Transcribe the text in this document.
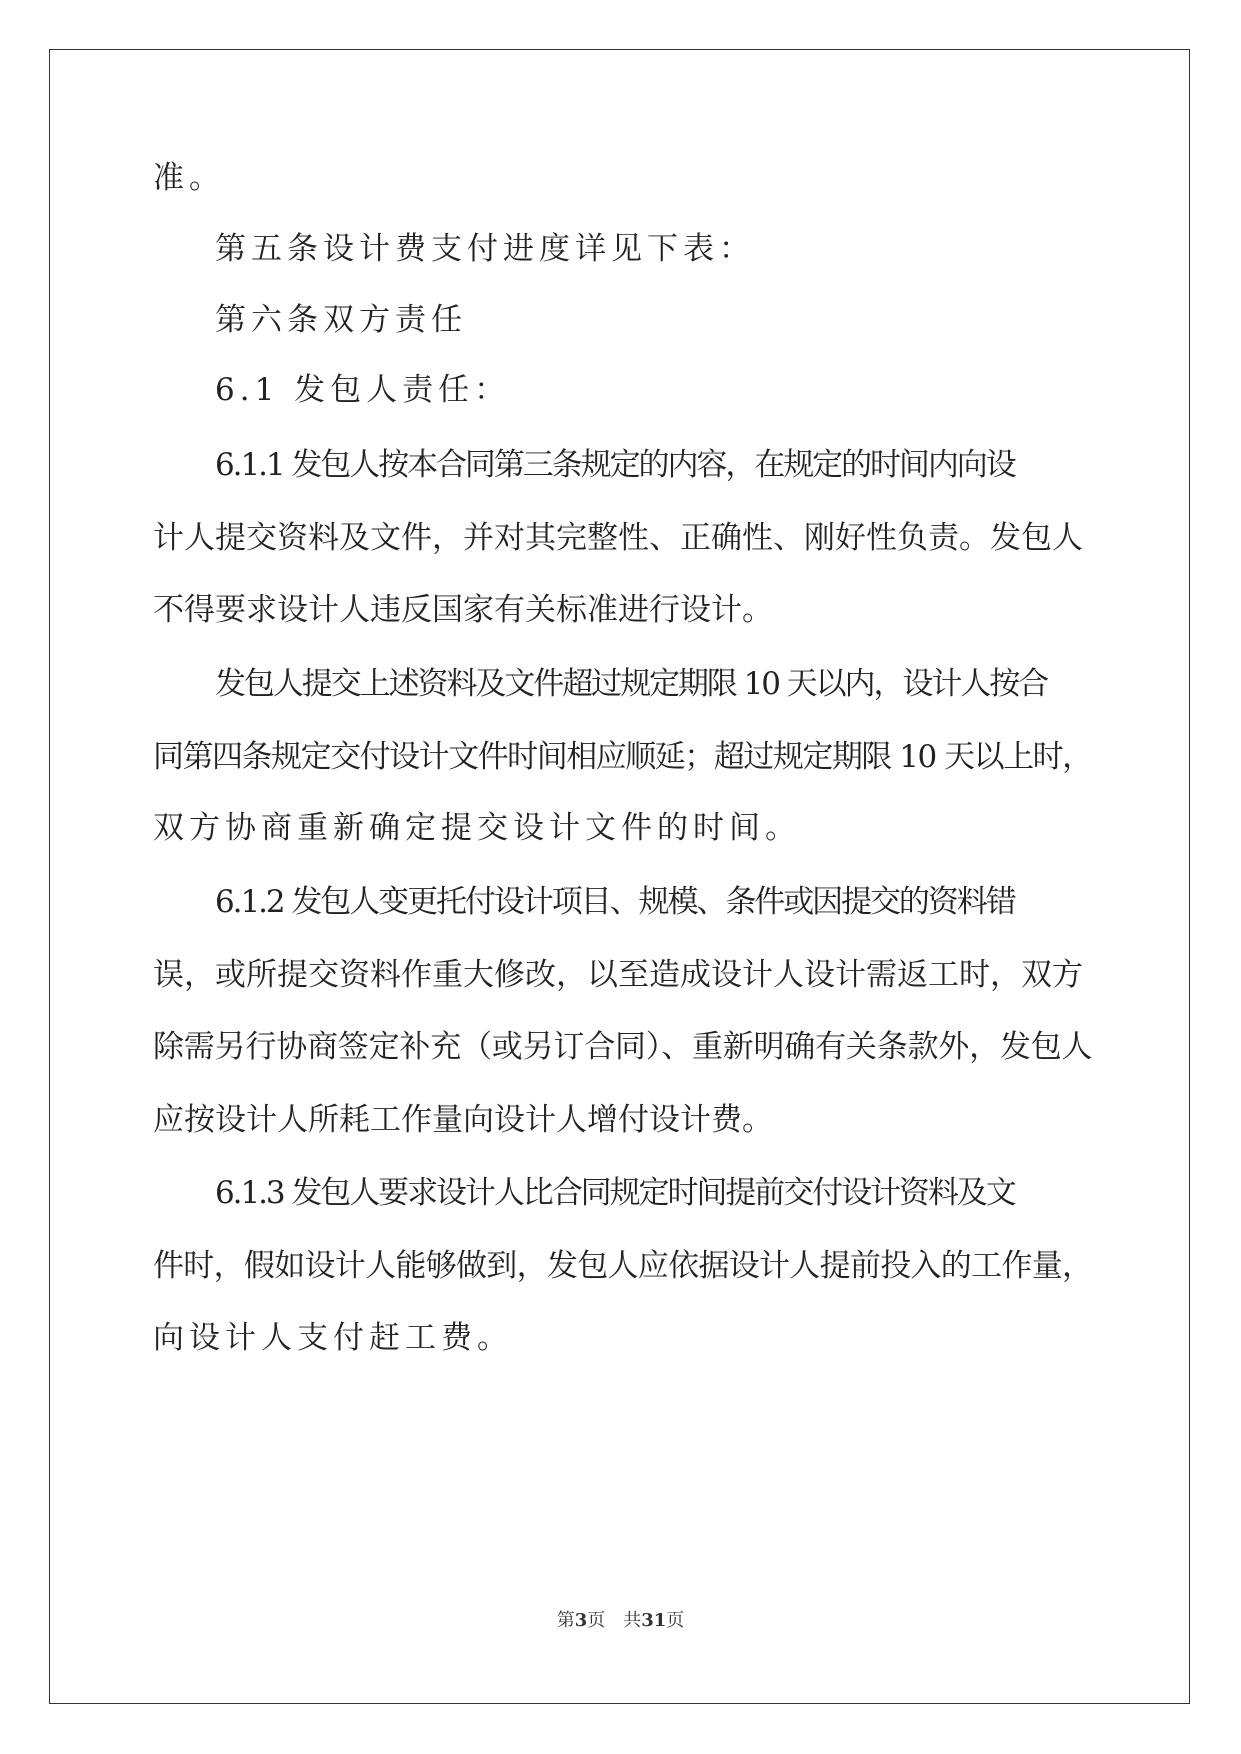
准。
第五条设计费支付进度详见下表：
第六条双方责任
6.1 发包人责任：
6.1.1 发包人按本合同第三条规定的内容，在规定的时间内向设
计人提交资料及文件，并对其完整性、正确性、刚好性负责。发包人
不得要求设计人违反国家有关标准进行设计。
发包人提交上述资料及文件超过规定期限 10 天以内，设计人按合
同第四条规定交付设计文件时间相应顺延；超过规定期限 10 天以上时，
双方协商重新确定提交设计文件的时间。
6.1.2 发包人变更托付设计项目、规模、条件或因提交的资料错
误，或所提交资料作重大修改，以至造成设计人设计需返工时，双方
除需另行协商签定补充（或另订合同）、重新明确有关条款外，发包人
应按设计人所耗工作量向设计人增付设计费。
6.1.3 发包人要求设计人比合同规定时间提前交付设计资料及文
件时，假如设计人能够做到，发包人应依据设计人提前投入的工作量，
向设计人支付赶工费。
第3页 共31页
